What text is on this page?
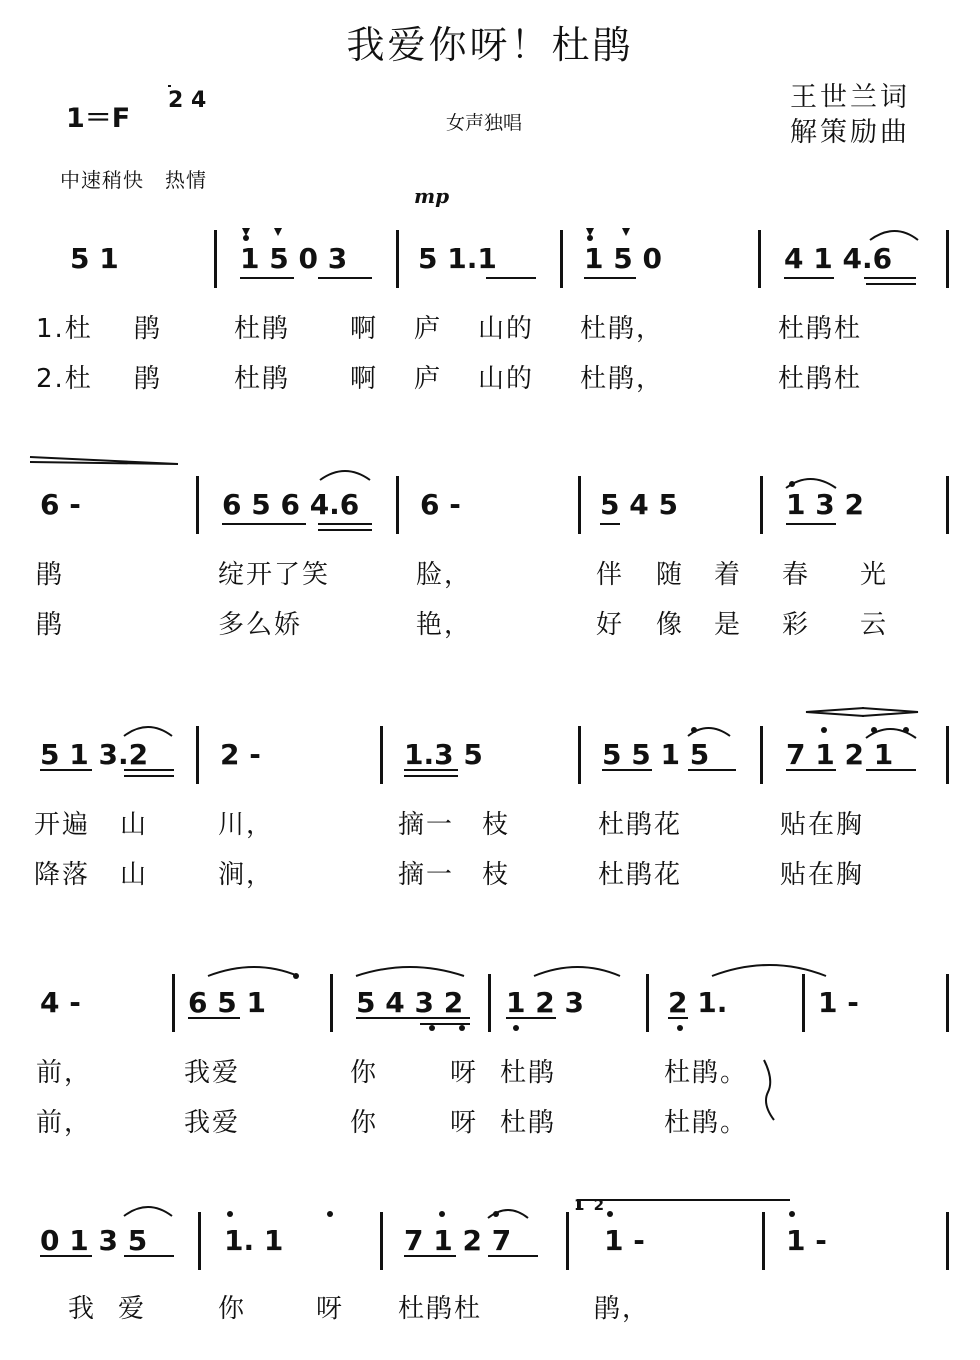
我爱你呀！杜鹃
1＝F
2 4
女声独唱
王世兰词
解策励曲
中速稍快　热情
mp
5 1	1 5 0 3	5 1.1	1 5 0	4 1 4.6
1.杜 鹃	杜鹃 啊 庐 山的 杜鹃，	杜鹃杜
2.杜 鹃	杜鹃 啊 庐 山的 杜鹃，	杜鹃杜
6 -	6 5 6 4.6 6 -	5 4 5	1 3 2
鹃	绽开了笑	脸，	伴 随 着 春 光
鹃	多么娇	艳，	好 像 是 彩 云
5 1 3.2	2 -	1.3 5	5 5 1 5	7 1 2 1
开遍 山	川，	摘一 枝	杜鹃花	贴在胸
降落 山	涧，	摘一 枝	杜鹃花	贴在胸
4 -	6 5 1	5 4 3 2 1 2 3	2 1.	1 -
前，	我爱	你	呀 杜鹃	杜鹃。
前，	我爱	你	呀 杜鹃	杜鹃。
0 1 3 5	1. 1	7 1 2 7	1 -	1 -
我 爱	你	呀 杜鹃杜	鹃，
1 2
